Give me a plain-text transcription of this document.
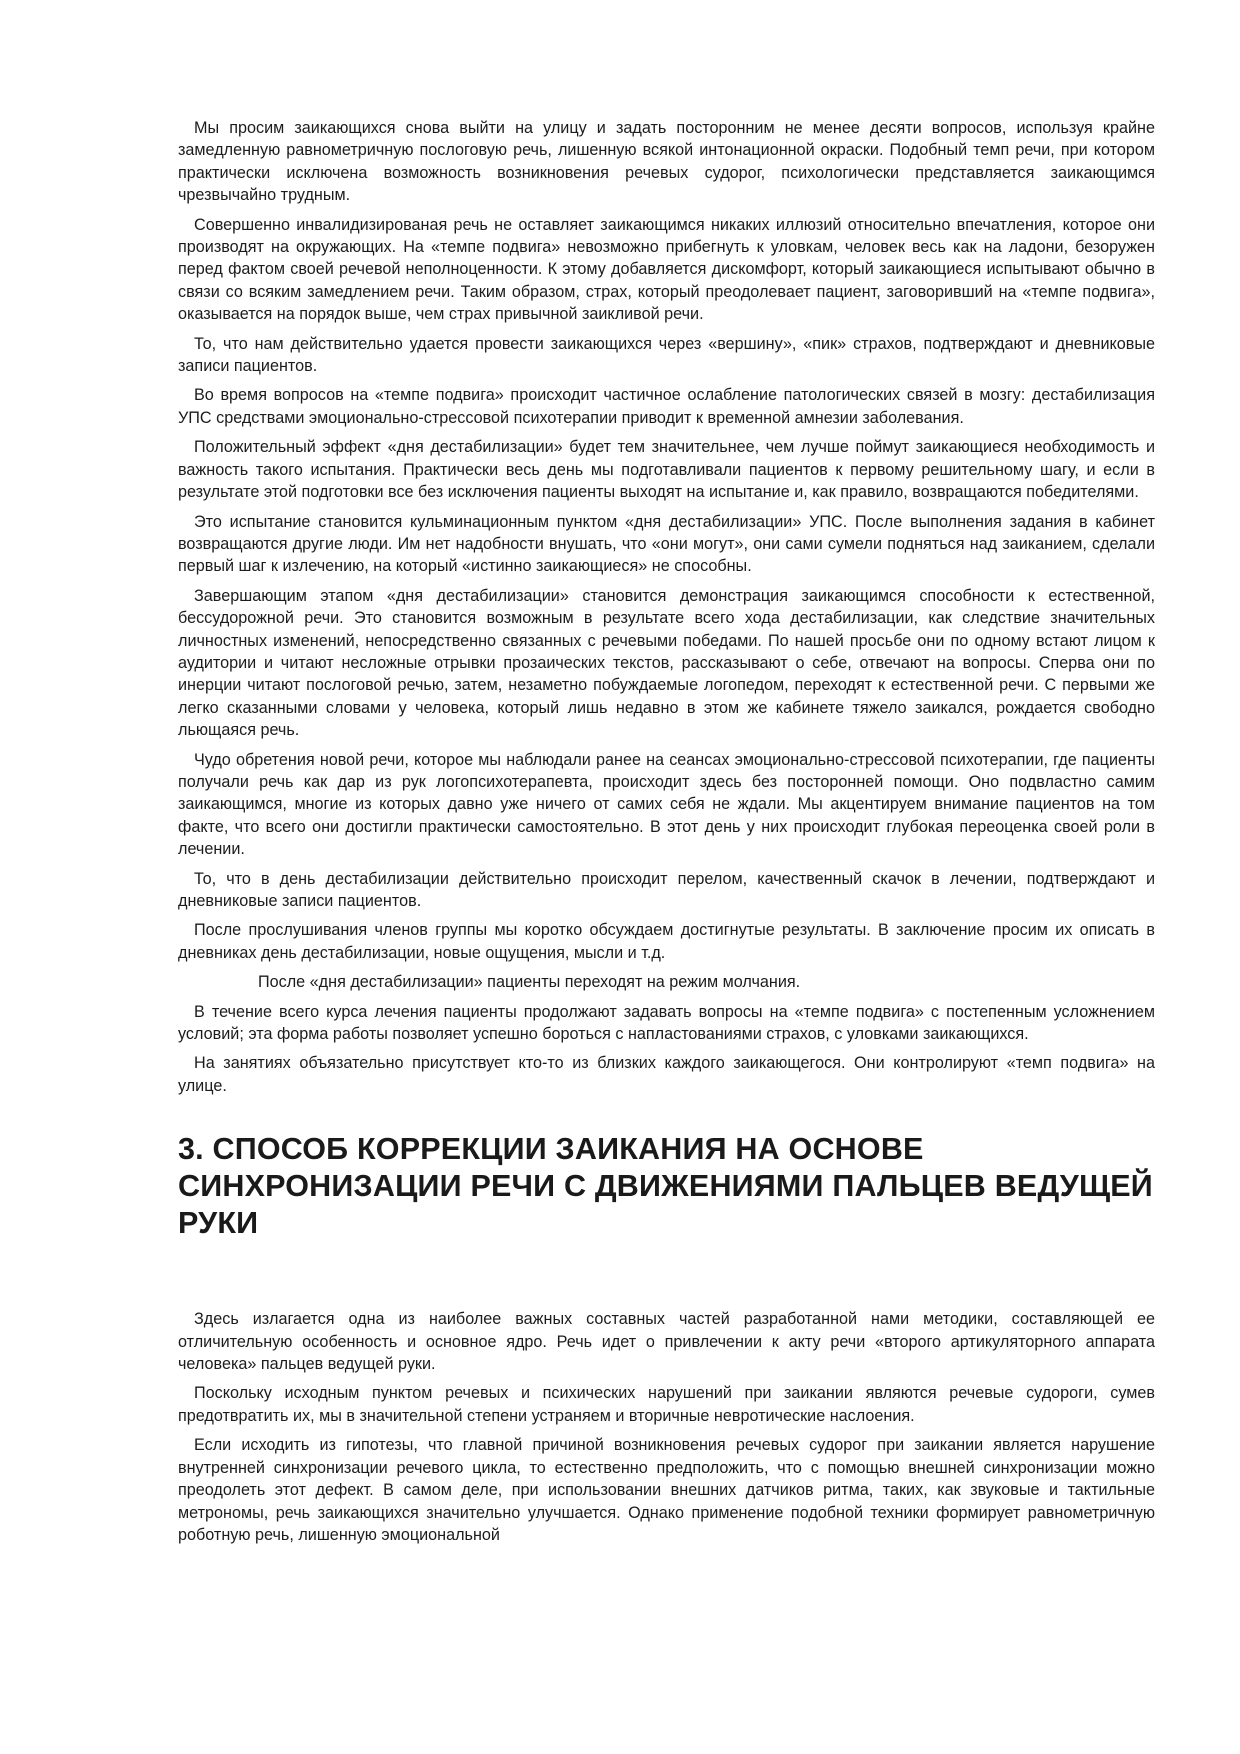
Мы просим заикающихся снова выйти на улицу и задать посторонним не менее десяти вопросов, используя крайне замедленную равнометричную послоговую речь, лишенную всякой интонационной окраски. Подобный темп речи, при котором практически исключена возможность возникновения речевых судорог, психологически представляется заикающимся чрезвычайно трудным.

Совершенно инвалидизированая речь не оставляет заикающимся никаких иллюзий относительно впечатления, которое они производят на окружающих. На «темпе подвига» невозможно прибегнуть к уловкам, человек весь как на ладони, безоружен перед фактом своей речевой неполноценности. К этому добавляется дискомфорт, который заикающиеся испытывают обычно в связи со всяким замедлением речи. Таким образом, страх, который преодолевает пациент, заговоривший на «темпе подвига», оказывается на порядок выше, чем страх привычной заикливой речи.

То, что нам действительно удается провести заикающихся через «вершину», «пик» страхов, подтверждают и дневниковые записи пациентов.

Во время вопросов на «темпе подвига» происходит частичное ослабление патологических связей в мозгу: дестабилизация УПС средствами эмоционально-стрессовой психотерапии приводит к временной амнезии заболевания.

Положительный эффект «дня дестабилизации» будет тем значительнее, чем лучше поймут заикающиеся необходимость и важность такого испытания. Практически весь день мы подготавливали пациентов к первому решительному шагу, и если в результате этой подготовки все без исключения пациенты выходят на испытание и, как правило, возвращаются победителями.

Это испытание становится кульминационным пунктом «дня дестабилизации» УПС. После выполнения задания в кабинет возвращаются другие люди. Им нет надобности внушать, что «они могут», они сами сумели подняться над заиканием, сделали первый шаг к излечению, на который «истинно заикающиеся» не способны.

Завершающим этапом «дня дестабилизации» становится демонстрация заикающимся способности к естественной, бессудорожной речи. Это становится возможным в результате всего хода дестабилизации, как следствие значительных личностных изменений, непосредственно связанных с речевыми победами. По нашей просьбе они по одному встают лицом к аудитории и читают несложные отрывки прозаических текстов, рассказывают о себе, отвечают на вопросы. Сперва они по инерции читают послоговой речью, затем, незаметно побуждаемые логопедом, переходят к естественной речи. С первыми же легко сказанными словами у человека, который лишь недавно в этом же кабинете тяжело заикался, рождается свободно льющаяся речь.

Чудо обретения новой речи, которое мы наблюдали ранее на сеансах эмоционально-стрессовой психотерапии, где пациенты получали речь как дар из рук логопсихотерапевта, происходит здесь без посторонней помощи. Оно подвластно самим заикающимся, многие из которых давно уже ничего от самих себя не ждали. Мы акцентируем внимание пациентов на том факте, что всего они достигли практически самостоятельно. В этот день у них происходит глубокая переоценка своей роли в лечении.

То, что в день дестабилизации действительно происходит перелом, качественный скачок в лечении, подтверждают и дневниковые записи пациентов.

После прослушивания членов группы мы коротко обсуждаем достигнутые результаты. В заключение просим их описать в дневниках день дестабилизации, новые ощущения, мысли и т.д.

После «дня дестабилизации» пациенты переходят на режим молчания.

В течение всего курса лечения пациенты продолжают задавать вопросы на «темпе подвига» с постепенным усложнением условий; эта форма работы позволяет успешно бороться с напластованиями страхов, с уловками заикающихся.

На занятиях объязательно присутствует кто-то из близких каждого заикающегося. Они контролируют «темп подвига» на улице.

3. СПОСОБ КОРРЕКЦИИ ЗАИКАНИЯ НА ОСНОВЕ СИНХРОНИЗАЦИИ РЕЧИ С ДВИЖЕНИЯМИ ПАЛЬЦЕВ ВЕДУЩЕЙ РУКИ

Здесь излагается одна из наиболее важных составных частей разработанной нами методики, составляющей ее отличительную особенность и основное ядро. Речь идет о привлечении к акту речи «второго артикуляторного аппарата человека» пальцев ведущей руки.

Поскольку исходным пунктом речевых и психических нарушений при заикании являются речевые судороги, сумев предотвратить их, мы в значительной степени устраняем и вторичные невротические наслоения.

Если исходить из гипотезы, что главной причиной возникновения речевых судорог при заикании является нарушение внутренней синхронизации речевого цикла, то естественно предположить, что с помощью внешней синхронизации можно преодолеть этот дефект. В самом деле, при использовании внешних датчиков ритма, таких, как звуковые и тактильные метрономы, речь заикающихся значительно улучшается. Однако применение подобной техники формирует равнометричную роботную речь, лишенную эмоциональной
